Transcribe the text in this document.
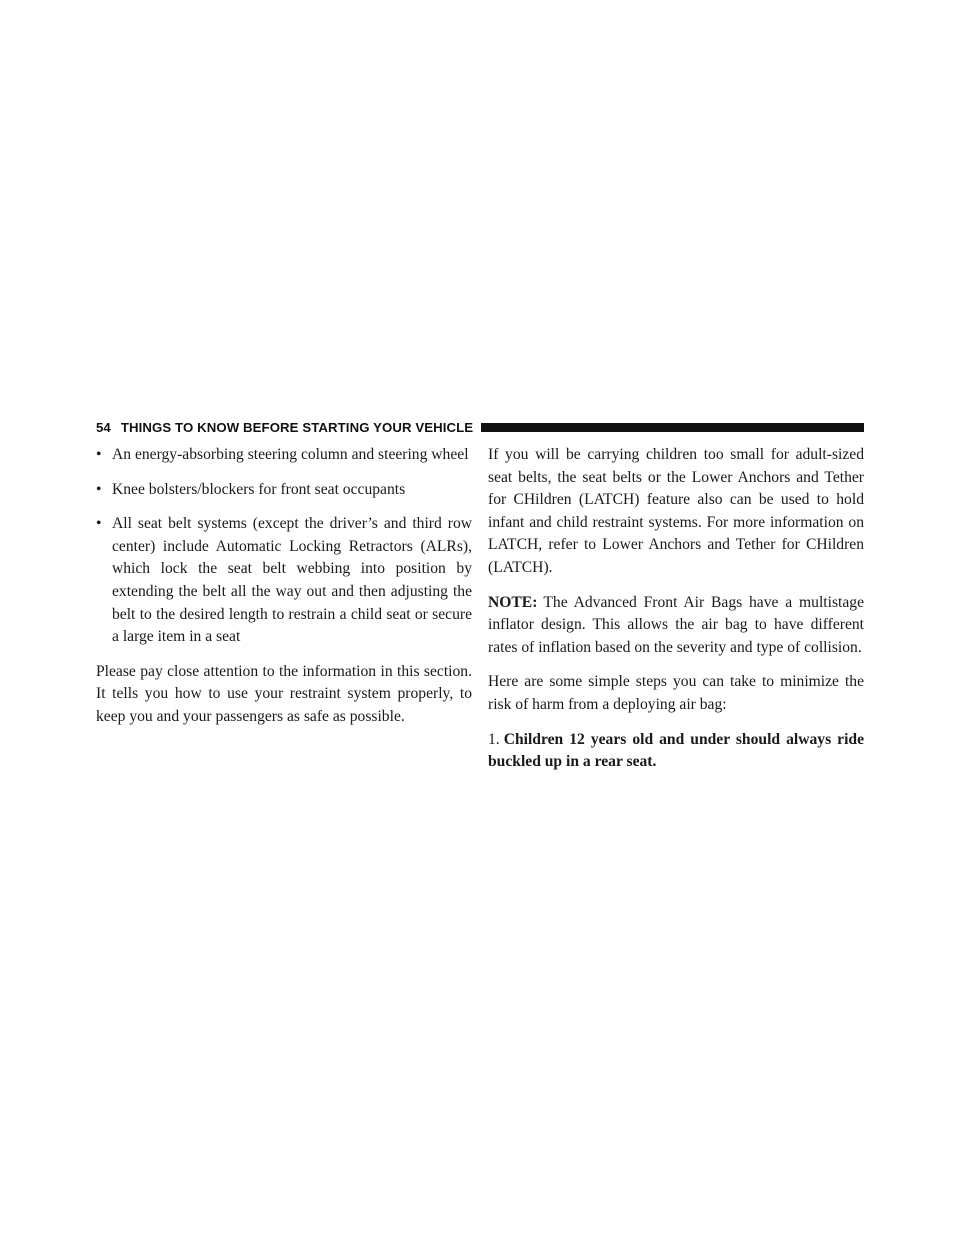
54 THINGS TO KNOW BEFORE STARTING YOUR VEHICLE
• An energy-absorbing steering column and steering wheel
• Knee bolsters/blockers for front seat occupants
• All seat belt systems (except the driver’s and third row center) include Automatic Locking Retractors (ALRs), which lock the seat belt webbing into position by extending the belt all the way out and then adjusting the belt to the desired length to restrain a child seat or secure a large item in a seat

Please pay close attention to the information in this section. It tells you how to use your restraint system properly, to keep you and your passengers as safe as possible.

If you will be carrying children too small for adult-sized seat belts, the seat belts or the Lower Anchors and Tether for CHildren (LATCH) feature also can be used to hold infant and child restraint systems. For more information on LATCH, refer to Lower Anchors and Tether for CHildren (LATCH).

NOTE: The Advanced Front Air Bags have a multistage inflator design. This allows the air bag to have different rates of inflation based on the severity and type of collision.

Here are some simple steps you can take to minimize the risk of harm from a deploying air bag:

1. Children 12 years old and under should always ride buckled up in a rear seat.
